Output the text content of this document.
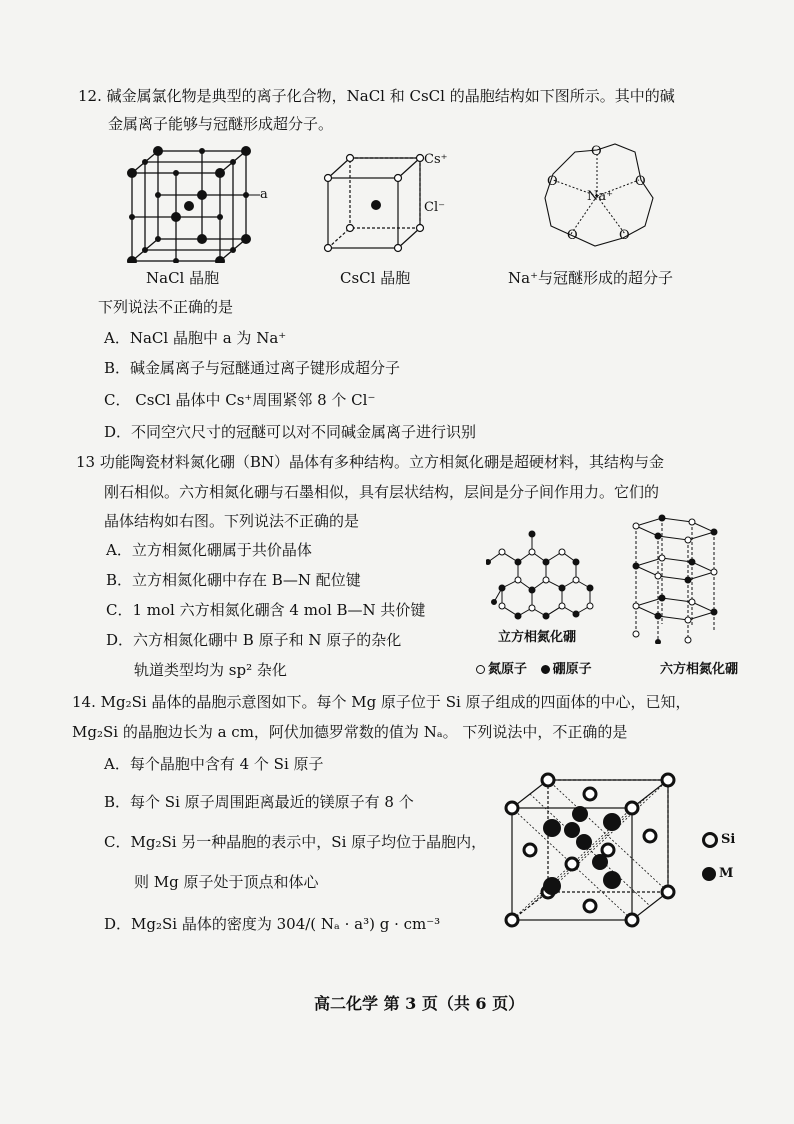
12. 碱金属氯化物是典型的离子化合物，NaCl 和 CsCl 的晶胞结构如下图所示。其中的碱
金属离子能够与冠醚形成超分子。
a
NaCl 晶胞
Cs⁺
Cl⁻
CsCl 晶胞
O
O
O
O
O
Na⁺
Na⁺与冠醚形成的超分子
下列说法不正确的是
A．NaCl 晶胞中 a 为 Na⁺
B．碱金属离子与冠醚通过离子键形成超分子
C． CsCl 晶体中 Cs⁺周围紧邻 8 个 Cl⁻
D．不同空穴尺寸的冠醚可以对不同碱金属离子进行识别
13 功能陶瓷材料氮化硼（BN）晶体有多种结构。立方相氮化硼是超硬材料，其结构与金
刚石相似。六方相氮化硼与石墨相似，具有层状结构，层间是分子间作用力。它们的
晶体结构如右图。下列说法不正确的是
A．立方相氮化硼属于共价晶体
B．立方相氮化硼中存在 B—N 配位键
C．1 mol 六方相氮化硼含 4 mol B—N 共价键
D．六方相氮化硼中 B 原子和 N 原子的杂化
轨道类型均为 sp² 杂化
立方相氮化硼
氮原子 硼原子	六方相氮化硼
14. Mg₂Si 晶体的晶胞示意图如下。每个 Mg 原子位于 Si 原子组成的四面体的中心，已知，
Mg₂Si 的晶胞边长为 a cm，阿伏加德罗常数的值为 Nₐ。 下列说法中，不正确的是
A．每个晶胞中含有 4 个 Si 原子
B．每个 Si 原子周围距离最近的镁原子有 8 个
C．Mg₂Si 另一种晶胞的表示中，Si 原子均位于晶胞内，
则 Mg 原子处于顶点和体心
D．Mg₂Si 晶体的密度为 304/( Nₐ · a³) g · cm⁻³
Si
M
高二化学 第 3 页（共 6 页）
